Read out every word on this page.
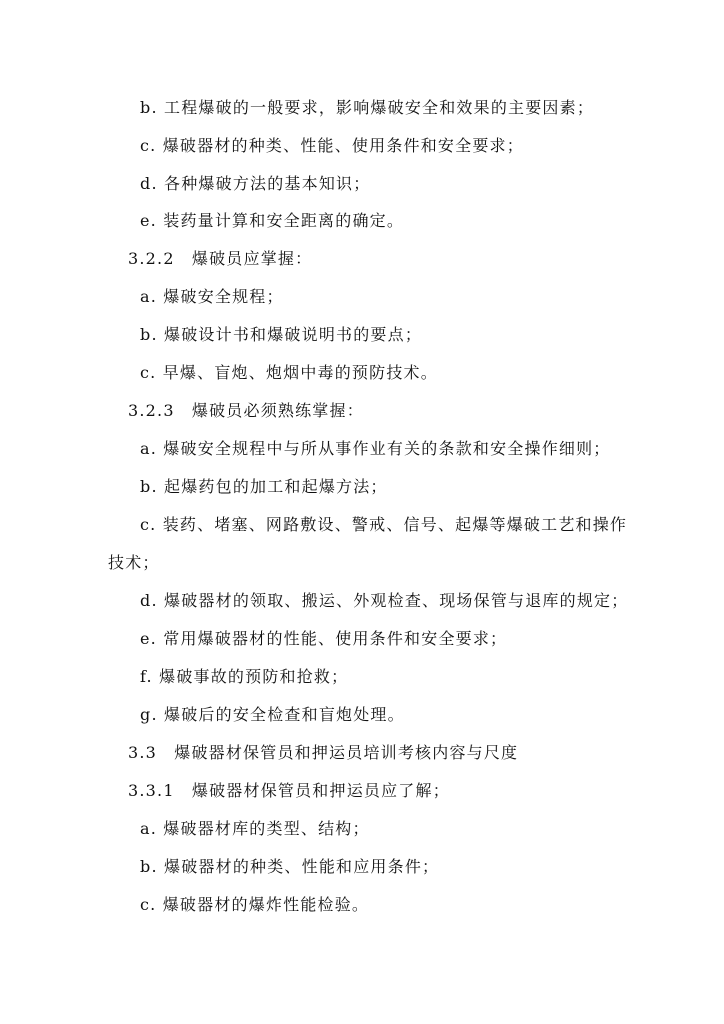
b. 工程爆破的一般要求，影响爆破安全和效果的主要因素；
c. 爆破器材的种类、性能、使用条件和安全要求；
d. 各种爆破方法的基本知识；
e. 装药量计算和安全距离的确定。
3.2.2　爆破员应掌握：
a. 爆破安全规程；
b. 爆破设计书和爆破说明书的要点；
c. 早爆、盲炮、炮烟中毒的预防技术。
3.2.3　爆破员必须熟练掌握：
a. 爆破安全规程中与所从事作业有关的条款和安全操作细则；
b. 起爆药包的加工和起爆方法；
c. 装药、堵塞、网路敷设、警戒、信号、起爆等爆破工艺和操作
技术；
d. 爆破器材的领取、搬运、外观检查、现场保管与退库的规定；
e. 常用爆破器材的性能、使用条件和安全要求；
f. 爆破事故的预防和抢救；
g. 爆破后的安全检查和盲炮处理。
3.3　爆破器材保管员和押运员培训考核内容与尺度
3.3.1　爆破器材保管员和押运员应了解；
a. 爆破器材库的类型、结构；
b. 爆破器材的种类、性能和应用条件；
c. 爆破器材的爆炸性能检验。
